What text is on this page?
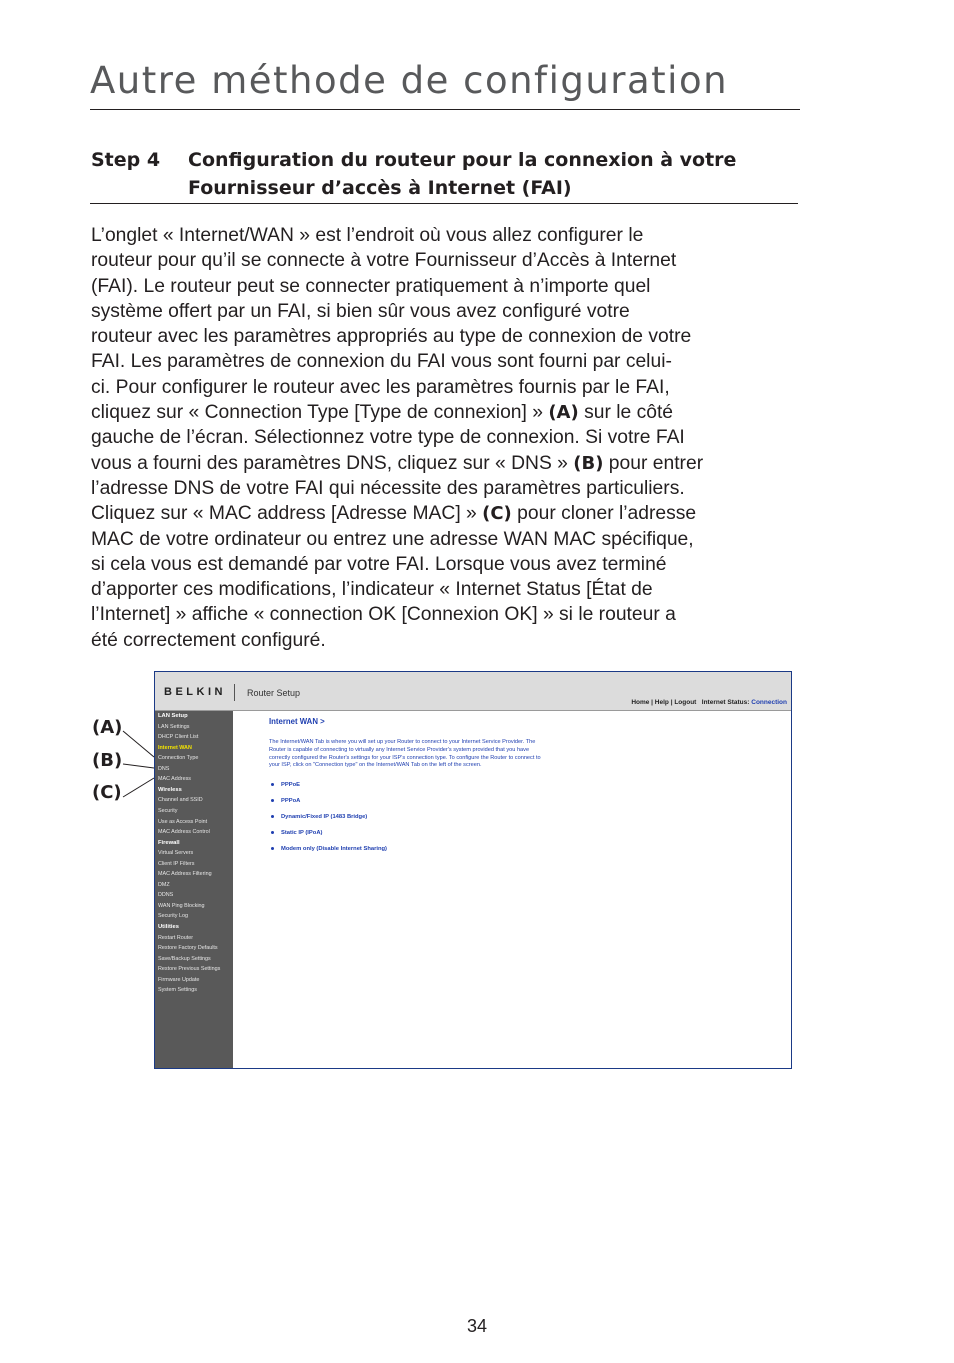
Autre méthode de configuration
Step 4 Configuration du routeur pour la connexion à votre
Fournisseur d’accès à Internet (FAI)
L’onglet « Internet/WAN » est l’endroit où vous allez configurer le
routeur pour qu’il se connecte à votre Fournisseur d’Accès à Internet
(FAI). Le routeur peut se connecter pratiquement à n’importe quel
système offert par un FAI, si bien sûr vous avez configuré votre
routeur avec les paramètres appropriés au type de connexion de votre
FAI. Les paramètres de connexion du FAI vous sont fourni par celui-
ci. Pour configurer le routeur avec les paramètres fournis par le FAI,
cliquez sur « Connection Type [Type de connexion] » (A) sur le côté
gauche de l’écran. Sélectionnez votre type de connexion. Si votre FAI
vous a fourni des paramètres DNS, cliquez sur « DNS » (B) pour entrer
l’adresse DNS de votre FAI qui nécessite des paramètres particuliers.
Cliquez sur « MAC address [Adresse MAC] » (C) pour cloner l’adresse
MAC de votre ordinateur ou entrez une adresse WAN MAC spécifique,
si cela vous est demandé par votre FAI. Lorsque vous avez terminé
d’apporter ces modifications, l’indicateur « Internet Status [État de
l’Internet] » affiche « connection OK [Connexion OK] » si le routeur a
été correctement configuré.
BELKIN Router Setup
Home | Help | Logout Internet Status: Connection
LAN Setup
LAN Settings
DHCP Client List
Internet WAN
Connection Type
DNS
MAC Address
Wireless
Channel and SSID
Security
Use as Access Point
MAC Address Control
Firewall
Virtual Servers
Client IP Filters
MAC Address Filtering
DMZ
DDNS
WAN Ping Blocking
Security Log
Utilities
Restart Router
Restore Factory Defaults
Save/Backup Settings
Restore Previous Settings
Firmware Update
System Settings
Internet WAN >
The Internet/WAN Tab is where you will set up your Router to connect to your Internet Service Provider. The
Router is capable of connecting to virtually any Internet Service Provider's system provided that you have
correctly configured the Router's settings for your ISP's connection type. To configure the Router to connect to
your ISP, click on "Connection type" on the Internet/WAN Tab on the left of the screen.
PPPoE
PPPoA
Dynamic/Fixed IP (1483 Bridge)
Static IP (IPoA)
Modem only (Disable Internet Sharing)
(A)
(B)
(C)
34
